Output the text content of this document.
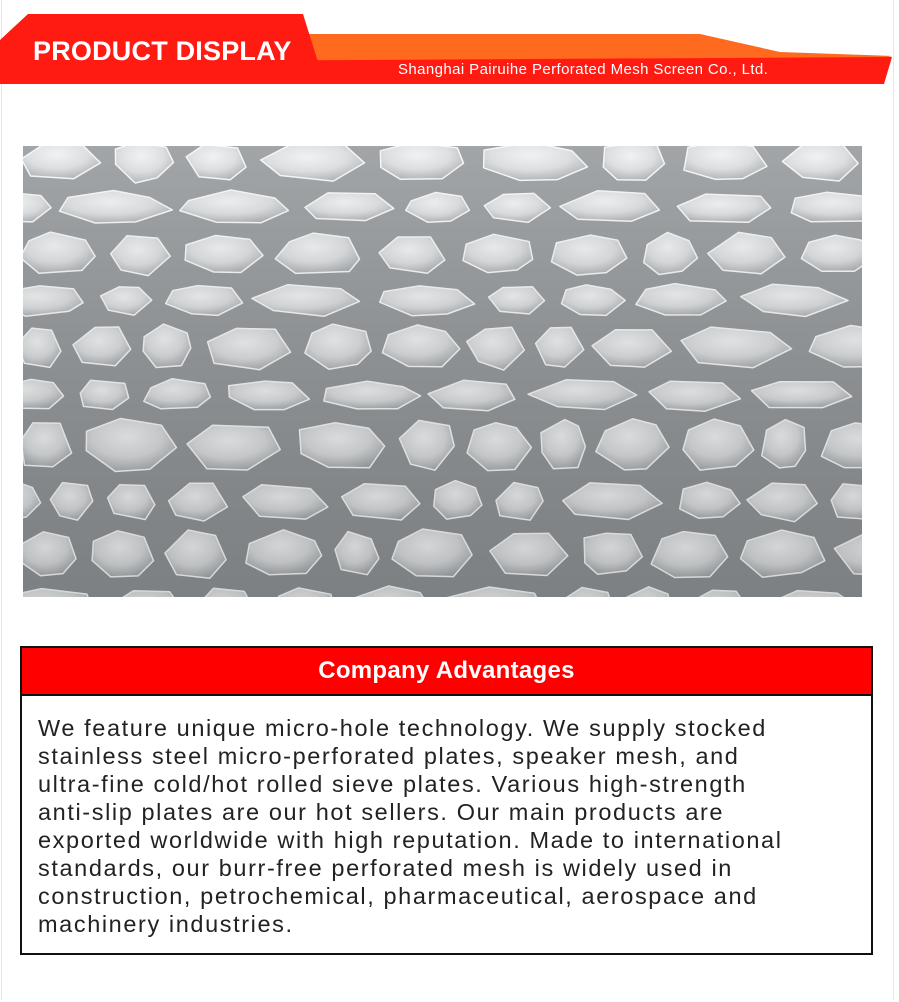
PRODUCT DISPLAY
Shanghai Pairuihe Perforated Mesh Screen Co., Ltd.
Company Advantages
We feature unique micro-hole technology. We supply stocked
stainless steel micro-perforated plates, speaker mesh, and
ultra-fine cold/hot rolled sieve plates. Various high-strength
anti-slip plates are our hot sellers. Our main products are
exported worldwide with high reputation. Made to international
standards, our burr-free perforated mesh is widely used in
construction, petrochemical, pharmaceutical, aerospace and
machinery industries.
